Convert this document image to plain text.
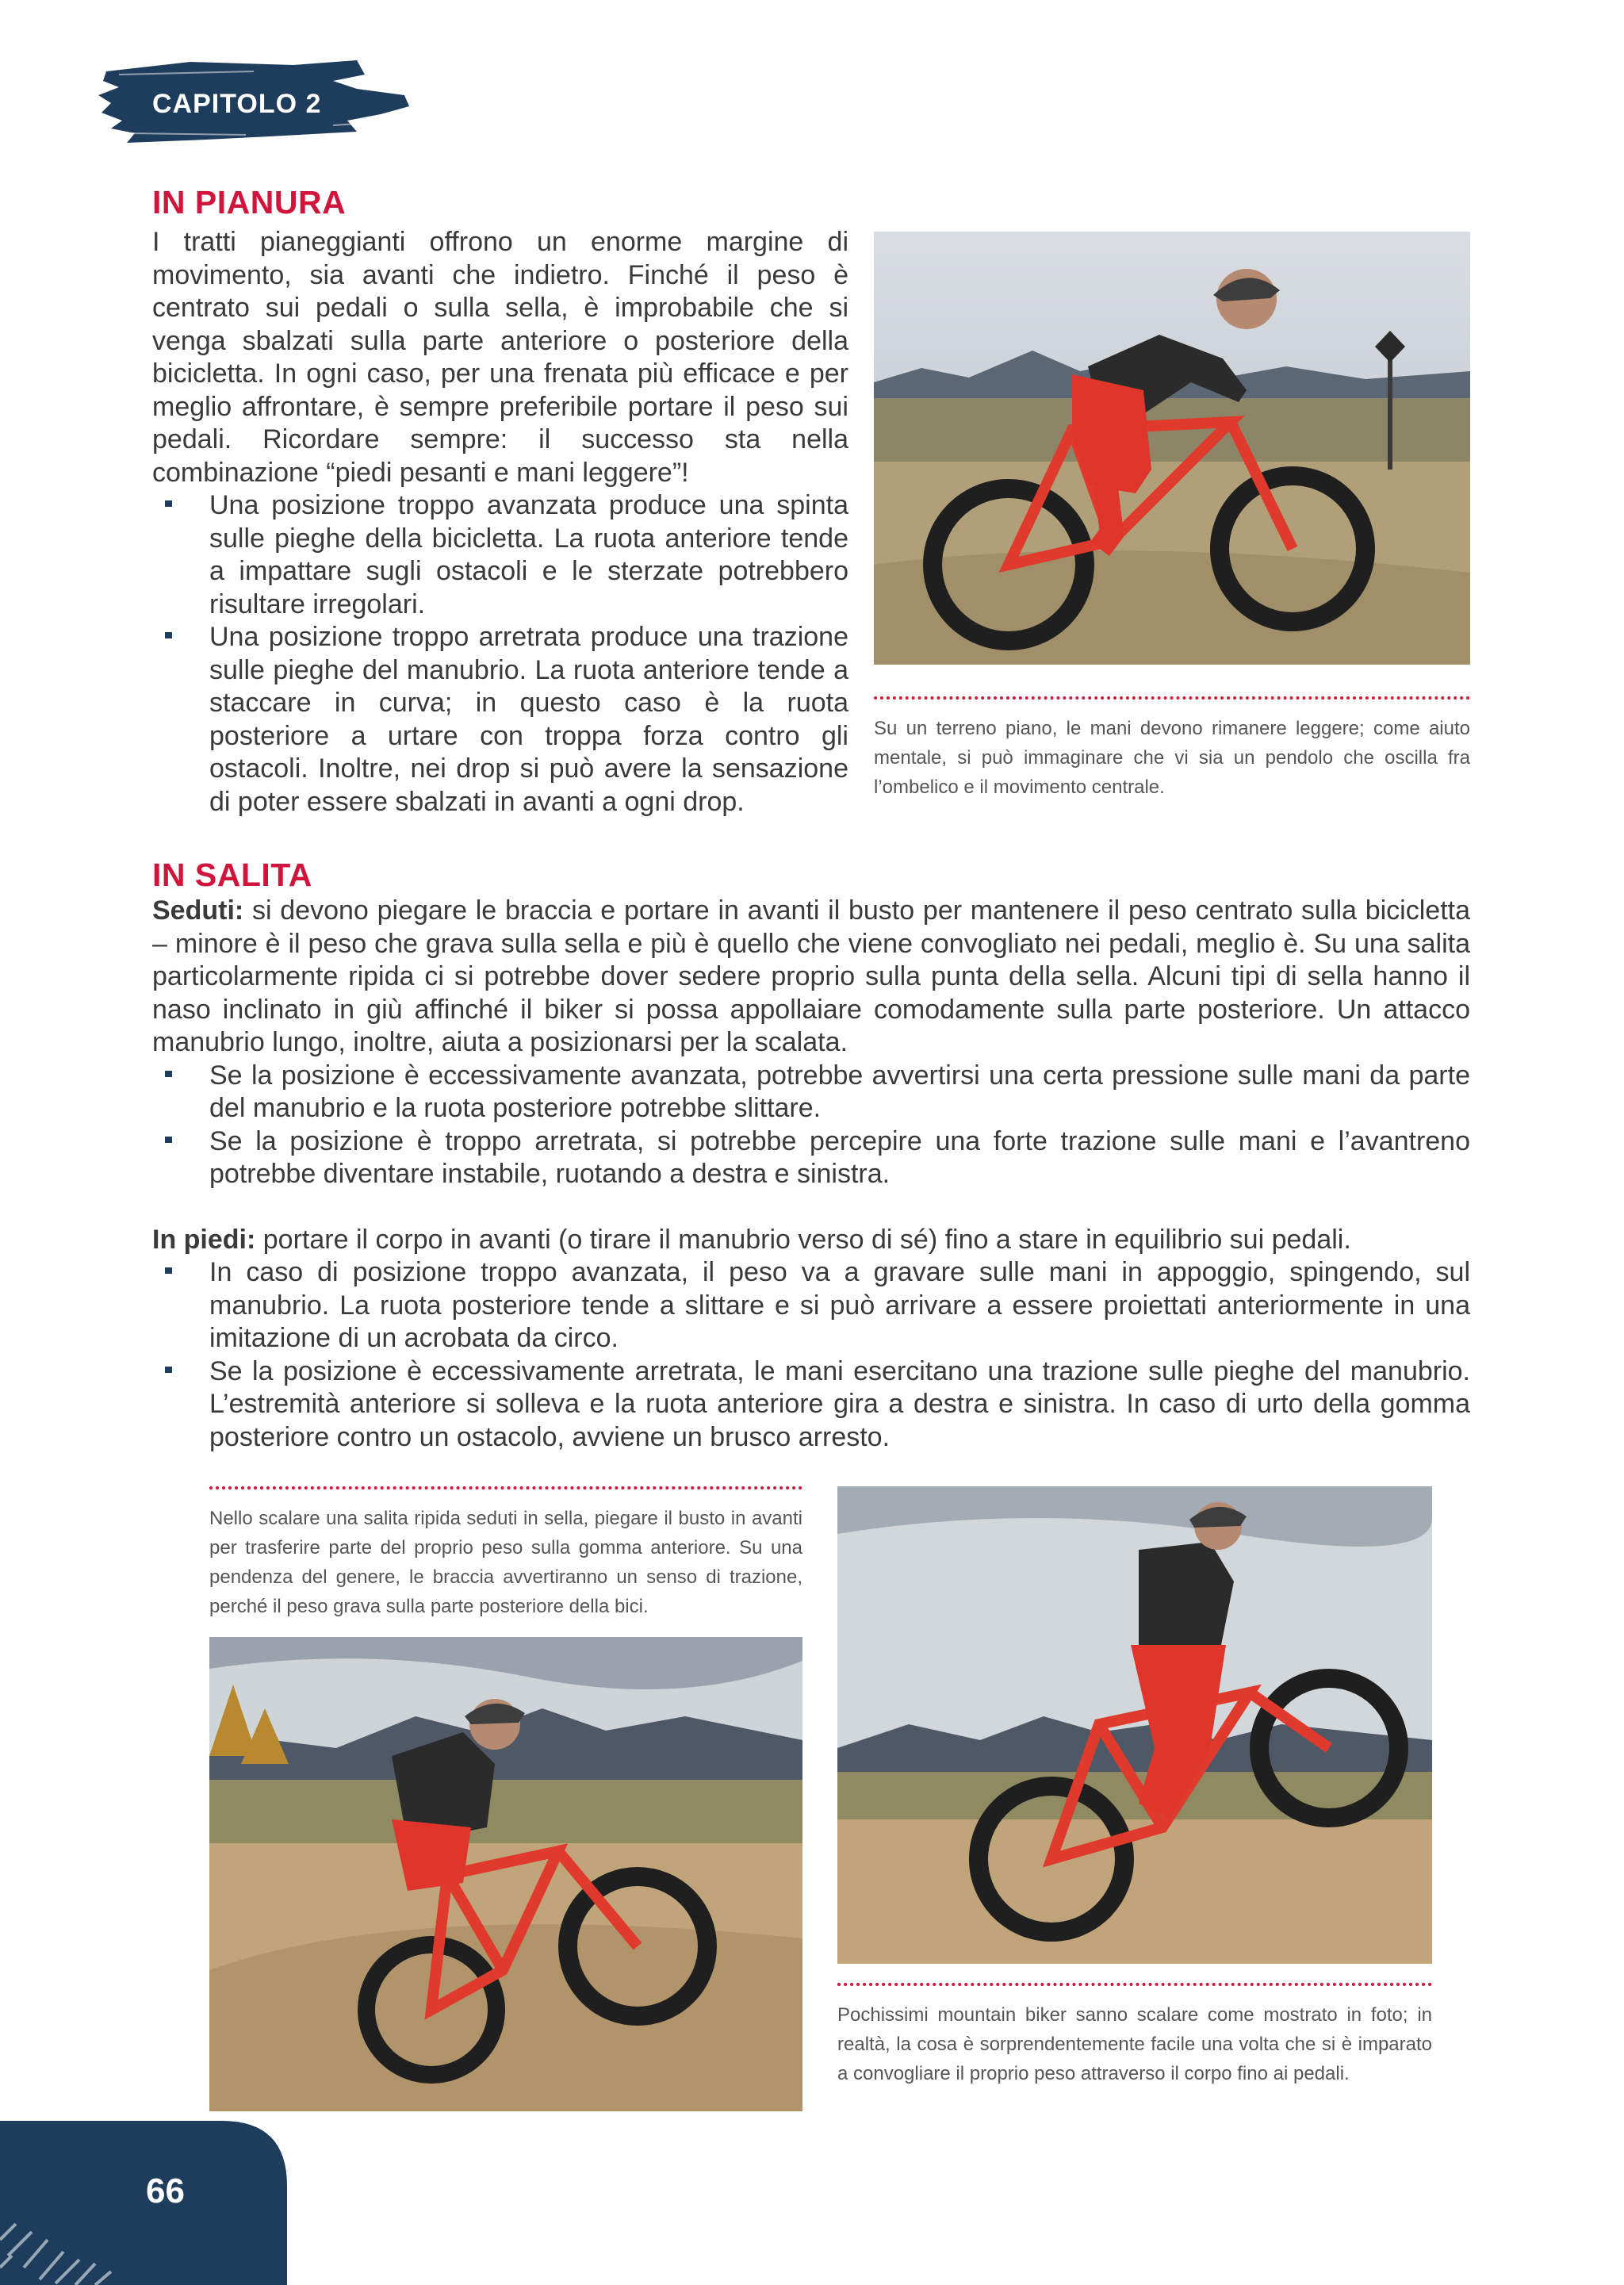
CAPITOLO 2
IN PIANURA

I tratti pianeggianti offrono un enorme margine di movimento, sia avanti che indietro. Finché il peso è centrato sui pedali o sulla sella, è improbabile che si venga sbalzati sulla parte anteriore o posteriore della bicicletta. In ogni caso, per una frenata più efficace e per meglio affrontare, è sempre preferibile portare il peso sui pedali. Ricordare sempre: il successo sta nella combinazione “piedi pesanti e mani leggere”!

Una posizione troppo avanzata produce una spinta sulle pieghe della bicicletta. La ruota anteriore tende a impattare sugli ostacoli e le sterzate potrebbero risultare irregolari.

Una posizione troppo arretrata produce una trazione sulle pieghe del manubrio. La ruota anteriore tende a staccare in curva; in questo caso è la ruota posteriore a urtare con troppa forza contro gli ostacoli. Inoltre, nei drop si può avere la sensazione di poter essere sbalzati in avanti a ogni drop.

Su un terreno piano, le mani devono rimanere leggere; come aiuto mentale, si può immaginare che vi sia un pendolo che oscilla fra l’ombelico e il movimento centrale.
IN SALITA

Seduti: si devono piegare le braccia e portare in avanti il busto per mantenere il peso centrato sulla bicicletta – minore è il peso che grava sulla sella e più è quello che viene convogliato nei pedali, meglio è. Su una salita particolarmente ripida ci si potrebbe dover sedere proprio sulla punta della sella. Alcuni tipi di sella hanno il naso inclinato in giù affinché il biker si possa appollaiare comodamente sulla parte posteriore. Un attacco manubrio lungo, inoltre, aiuta a posizionarsi per la scalata.

Se la posizione è eccessivamente avanzata, potrebbe avvertirsi una certa pressione sulle mani da parte del manubrio e la ruota posteriore potrebbe slittare.

Se la posizione è troppo arretrata, si potrebbe percepire una forte trazione sulle mani e l’avantreno potrebbe diventare instabile, ruotando a destra e sinistra.

In piedi: portare il corpo in avanti (o tirare il manubrio verso di sé) fino a stare in equilibrio sui pedali.

In caso di posizione troppo avanzata, il peso va a gravare sulle mani in appoggio, spingendo, sul manubrio. La ruota posteriore tende a slittare e si può arrivare a essere proiettati anteriormente in una imitazione di un acrobata da circo.

Se la posizione è eccessivamente arretrata, le mani esercitano una trazione sulle pieghe del manubrio. L’estremità anteriore si solleva e la ruota anteriore gira a destra e sinistra. In caso di urto della gomma posteriore contro un ostacolo, avviene un brusco arresto.

Nello scalare una salita ripida seduti in sella, piegare il busto in avanti per trasferire parte del proprio peso sulla gomma anteriore. Su una pendenza del genere, le braccia avvertiranno un senso di trazione, perché il peso grava sulla parte posteriore della bici.
Pochissimi mountain biker sanno scalare come mostrato in foto; in realtà, la cosa è sorprendentemente facile una volta che si è imparato a convogliare il proprio peso attraverso il corpo fino ai pedali.
66
